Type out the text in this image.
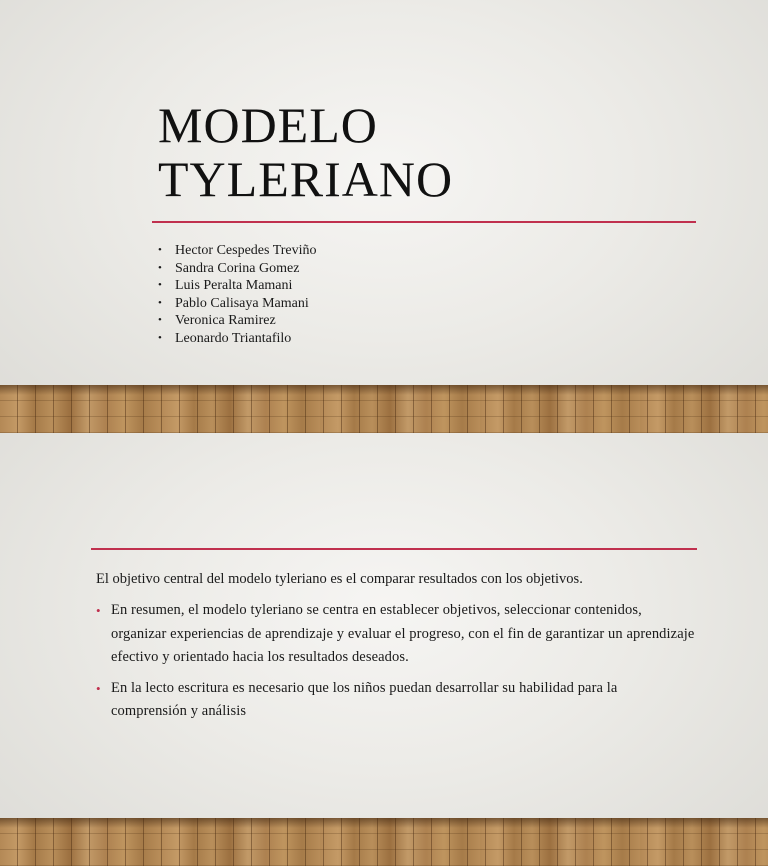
MODELO
TYLERIANO
• Hector Cespedes Treviño
• Sandra Corina Gomez
• Luis Peralta Mamani
• Pablo Calisaya Mamani
• Veronica Ramirez
• Leonardo Triantafilo

El objetivo central del modelo tyleriano es el comparar resultados con los objetivos.

• En resumen, el modelo tyleriano se centra en establecer objetivos, seleccionar contenidos, organizar experiencias de aprendizaje y evaluar el progreso, con el fin de garantizar un aprendizaje efectivo y orientado hacia los resultados deseados.
• En la lecto escritura es necesario que los niños puedan desarrollar su habilidad para la comprensión y análisis
